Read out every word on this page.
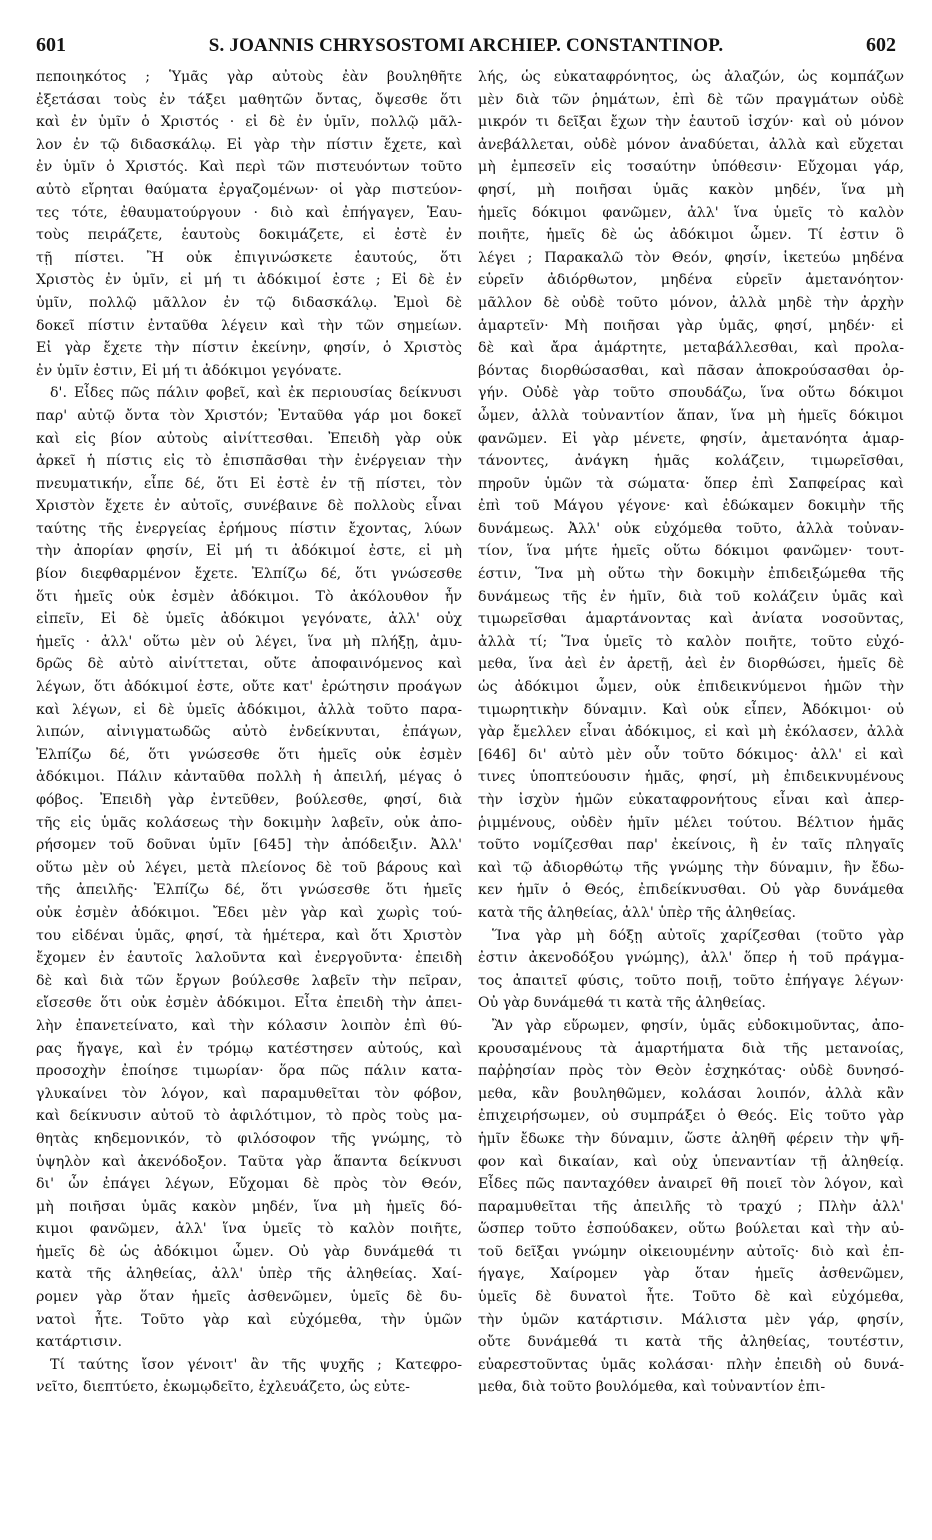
601	S. JOANNIS CHRYSOSTOMI ARCHIEP. CONSTANTINOP.	602
πεποιηκότος ; Ὑμᾶς γὰρ αὐτοὺς ἐὰν βουληθῆτε
ἐξετάσαι τοὺς ἐν τάξει μαθητῶν ὄντας, ὄψεσθε ὅτι
καὶ ἐν ὑμῖν ὁ Χριστός · εἰ δὲ ἐν ὑμῖν, πολλῷ μᾶλ-
λον ἐν τῷ διδασκάλῳ. Εἰ γὰρ τὴν πίστιν ἔχετε, καὶ
ἐν ὑμῖν ὁ Χριστός. Καὶ περὶ τῶν πιστευόντων τοῦτο
αὐτὸ εἴρηται θαύματα ἐργαζομένων· οἱ γὰρ πιστεύον-
τες τότε, ἐθαυματούργουν · διὸ καὶ ἐπήγαγεν, Ἑαυ-
τοὺς πειράζετε, ἑαυτοὺς δοκιμάζετε, εἰ ἐστὲ ἐν
τῇ πίστει. Ἢ οὐκ ἐπιγινώσκετε ἑαυτούς, ὅτι
Χριστὸς ἐν ὑμῖν, εἰ μή τι ἀδόκιμοί ἐστε ; Εἰ δὲ ἐν
ὑμῖν, πολλῷ μᾶλλον ἐν τῷ διδασκάλῳ. Ἐμοὶ δὲ
δοκεῖ πίστιν ἐνταῦθα λέγειν καὶ τὴν τῶν σημείων.
Εἰ γὰρ ἔχετε τὴν πίστιν ἐκείνην, φησίν, ὁ Χριστὸς
ἐν ὑμῖν ἐστιν, Εἰ μή τι ἀδόκιμοι γεγόνατε.
δ'. Εἶδες πῶς πάλιν φοβεῖ, καὶ ἐκ περιουσίας δείκνυσι
παρ' αὐτῷ ὄντα τὸν Χριστόν; Ἐνταῦθα γάρ μοι δοκεῖ
καὶ εἰς βίον αὐτοὺς αἰνίττεσθαι. Ἐπειδὴ γὰρ οὐκ
ἀρκεῖ ἡ πίστις εἰς τὸ ἐπισπᾶσθαι τὴν ἐνέργειαν τὴν
πνευματικήν, εἶπε δέ, ὅτι Εἰ ἐστὲ ἐν τῇ πίστει, τὸν
Χριστὸν ἔχετε ἐν αὐτοῖς, συνέβαινε δὲ πολλοὺς εἶναι
ταύτης τῆς ἐνεργείας ἐρήμους πίστιν ἔχοντας, λύων
τὴν ἀπορίαν φησίν, Εἰ μή τι ἀδόκιμοί ἐστε, εἰ μὴ
βίον διεφθαρμένον ἔχετε. Ἐλπίζω δέ, ὅτι γνώσεσθε
ὅτι ἡμεῖς οὐκ ἐσμὲν ἀδόκιμοι. Τὸ ἀκόλουθον ἦν
εἰπεῖν, Εἰ δὲ ὑμεῖς ἀδόκιμοι γεγόνατε, ἀλλ' οὐχ
ἡμεῖς · ἀλλ' οὕτω μὲν οὐ λέγει, ἵνα μὴ πλήξῃ, ἀμυ-
δρῶς δὲ αὐτὸ αἰνίττεται, οὔτε ἀποφαινόμενος καὶ
λέγων, ὅτι ἀδόκιμοί ἐστε, οὔτε κατ' ἐρώτησιν προάγων
καὶ λέγων, εἰ δὲ ὑμεῖς ἀδόκιμοι, ἀλλὰ τοῦτο παρα-
λιπών, αἰνιγματωδῶς αὐτὸ ἐνδείκνυται, ἐπάγων,
Ἐλπίζω δέ, ὅτι γνώσεσθε ὅτι ἡμεῖς οὐκ ἐσμὲν
ἀδόκιμοι. Πάλιν κἀνταῦθα πολλὴ ἡ ἀπειλή, μέγας ὁ
φόβος. Ἐπειδὴ γὰρ ἐντεῦθεν, βούλεσθε, φησί, διὰ
τῆς εἰς ὑμᾶς κολάσεως τὴν δοκιμὴν λαβεῖν, οὐκ ἀπο-
ρήσομεν τοῦ δοῦναι ὑμῖν [645] τὴν ἀπόδειξιν. Ἀλλ'
οὕτω μὲν οὐ λέγει, μετὰ πλείονος δὲ τοῦ βάρους καὶ
τῆς ἀπειλῆς· Ἐλπίζω δέ, ὅτι γνώσεσθε ὅτι ἡμεῖς
οὐκ ἐσμὲν ἀδόκιμοι. Ἔδει μὲν γὰρ καὶ χωρὶς τού-
του εἰδέναι ὑμᾶς, φησί, τὰ ἡμέτερα, καὶ ὅτι Χριστὸν
ἔχομεν ἐν ἑαυτοῖς λαλοῦντα καὶ ἐνεργοῦντα· ἐπειδὴ
δὲ καὶ διὰ τῶν ἔργων βούλεσθε λαβεῖν τὴν πεῖραν,
εἴσεσθε ὅτι οὐκ ἐσμὲν ἀδόκιμοι. Εἶτα ἐπειδὴ τὴν ἀπει-
λὴν ἐπανετείνατο, καὶ τὴν κόλασιν λοιπὸν ἐπὶ θύ-
ρας ἤγαγε, καὶ ἐν τρόμῳ κατέστησεν αὐτούς, καὶ
προσοχὴν ἐποίησε τιμωρίαν· ὅρα πῶς πάλιν κατα-
γλυκαίνει τὸν λόγον, καὶ παραμυθεῖται τὸν φόβον,
καὶ δείκνυσιν αὐτοῦ τὸ ἀφιλότιμον, τὸ πρὸς τοὺς μα-
θητὰς κηδεμονικόν, τὸ φιλόσοφον τῆς γνώμης, τὸ
ὑψηλὸν καὶ ἀκενόδοξον. Ταῦτα γὰρ ἅπαντα δείκνυσι
δι' ὧν ἐπάγει λέγων, Εὔχομαι δὲ πρὸς τὸν Θεόν,
μὴ ποιῆσαι ὑμᾶς κακὸν μηδέν, ἵνα μὴ ἡμεῖς δό-
κιμοι φανῶμεν, ἀλλ' ἵνα ὑμεῖς τὸ καλὸν ποιῆτε,
ἡμεῖς δὲ ὡς ἀδόκιμοι ὦμεν. Οὐ γὰρ δυνάμεθά τι
κατὰ τῆς ἀληθείας, ἀλλ' ὑπὲρ τῆς ἀληθείας. Χαί-
ρομεν γὰρ ὅταν ἡμεῖς ἀσθενῶμεν, ὑμεῖς δὲ δυ-
νατοὶ ἦτε. Τοῦτο γὰρ καὶ εὐχόμεθα, τὴν ὑμῶν
κατάρτισιν.
Τί ταύτης ἴσον γένοιτ' ἂν τῆς ψυχῆς ; Κατεφρο-
νεῖτο, διεπτύετο, ἐκωμῳδεῖτο, ἐχλευάζετο, ὡς εὐτε-
λής, ὡς εὐκαταφρόνητος, ὡς ἀλαζών, ὡς κομπάζων
μὲν διὰ τῶν ῥημάτων, ἐπὶ δὲ τῶν πραγμάτων οὐδὲ
μικρόν τι δεῖξαι ἔχων τὴν ἑαυτοῦ ἰσχύν· καὶ οὐ μόνον
ἀνεβάλλεται, οὐδὲ μόνον ἀναδύεται, ἀλλὰ καὶ εὔχεται
μὴ ἐμπεσεῖν εἰς τοσαύτην ὑπόθεσιν· Εὔχομαι γάρ,
φησί, μὴ ποιῆσαι ὑμᾶς κακὸν μηδέν, ἵνα μὴ
ἡμεῖς δόκιμοι φανῶμεν, ἀλλ' ἵνα ὑμεῖς τὸ καλὸν
ποιῆτε, ἡμεῖς δὲ ὡς ἀδόκιμοι ὦμεν. Τί ἐστιν ὃ
λέγει ; Παρακαλῶ τὸν Θεόν, φησίν, ἱκετεύω μηδένα
εὑρεῖν ἀδιόρθωτον, μηδένα εὑρεῖν ἀμετανόητον·
μᾶλλον δὲ οὐδὲ τοῦτο μόνον, ἀλλὰ μηδὲ τὴν ἀρχὴν
ἁμαρτεῖν· Μὴ ποιῆσαι γὰρ ὑμᾶς, φησί, μηδέν· εἰ
δὲ καὶ ἄρα ἁμάρτητε, μεταβάλλεσθαι, καὶ προλα-
βόντας διορθώσασθαι, καὶ πᾶσαν ἀποκρούσασθαι ὀρ-
γήν. Οὐδὲ γὰρ τοῦτο σπουδάζω, ἵνα οὕτω δόκιμοι
ὦμεν, ἀλλὰ τοὐναντίον ἅπαν, ἵνα μὴ ἡμεῖς δόκιμοι
φανῶμεν. Εἰ γὰρ μένετε, φησίν, ἀμετανόητα ἁμαρ-
τάνοντες, ἀνάγκη ἡμᾶς κολάζειν, τιμωρεῖσθαι,
πηροῦν ὑμῶν τὰ σώματα· ὅπερ ἐπὶ Σαπφείρας καὶ
ἐπὶ τοῦ Μάγου γέγονε· καὶ ἐδώκαμεν δοκιμὴν τῆς
δυνάμεως. Ἀλλ' οὐκ εὐχόμεθα τοῦτο, ἀλλὰ τοὐναν-
τίον, ἵνα μήτε ἡμεῖς οὕτω δόκιμοι φανῶμεν· τουτ-
έστιν, Ἵνα μὴ οὕτω τὴν δοκιμὴν ἐπιδειξώμεθα τῆς
δυνάμεως τῆς ἐν ἡμῖν, διὰ τοῦ κολάζειν ὑμᾶς καὶ
τιμωρεῖσθαι ἁμαρτάνοντας καὶ ἀνίατα νοσοῦντας,
ἀλλὰ τί; Ἵνα ὑμεῖς τὸ καλὸν ποιῆτε, τοῦτο εὐχό-
μεθα, ἵνα ἀεὶ ἐν ἀρετῇ, ἀεὶ ἐν διορθώσει, ἡμεῖς δὲ
ὡς ἀδόκιμοι ὦμεν, οὐκ ἐπιδεικνύμενοι ἡμῶν τὴν
τιμωρητικὴν δύναμιν. Καὶ οὐκ εἶπεν, Ἀδόκιμοι· οὐ
γὰρ ἔμελλεν εἶναι ἀδόκιμος, εἰ καὶ μὴ ἐκόλασεν, ἀλλὰ
[646] δι' αὐτὸ μὲν οὖν τοῦτο δόκιμος· ἀλλ' εἰ καὶ
τινες ὑποπτεύουσιν ἡμᾶς, φησί, μὴ ἐπιδεικνυμένους
τὴν ἰσχὺν ἡμῶν εὐκαταφρονήτους εἶναι καὶ ἀπερ-
ῥιμμένους, οὐδὲν ἡμῖν μέλει τούτου. Βέλτιον ἡμᾶς
τοῦτο νομίζεσθαι παρ' ἐκείνοις, ἢ ἐν ταῖς πληγαῖς
καὶ τῷ ἀδιορθώτῳ τῆς γνώμης τὴν δύναμιν, ἣν ἔδω-
κεν ἡμῖν ὁ Θεός, ἐπιδείκνυσθαι. Οὐ γὰρ δυνάμεθα
κατὰ τῆς ἀληθείας, ἀλλ' ὑπὲρ τῆς ἀληθείας.
Ἵνα γὰρ μὴ δόξῃ αὐτοῖς χαρίζεσθαι (τοῦτο γὰρ
ἐστιν ἀκενοδόξου γνώμης), ἀλλ' ὅπερ ἡ τοῦ πράγμα-
τος ἀπαιτεῖ φύσις, τοῦτο ποιῇ, τοῦτο ἐπήγαγε λέγων·
Οὐ γὰρ δυνάμεθά τι κατὰ τῆς ἀληθείας.
Ἂν γὰρ εὕρωμεν, φησίν, ὑμᾶς εὐδοκιμοῦντας, ἀπο-
κρουσαμένους τὰ ἁμαρτήματα διὰ τῆς μετανοίας,
παῤῥησίαν πρὸς τὸν Θεὸν ἐσχηκότας· οὐδὲ δυνησό-
μεθα, κἂν βουληθῶμεν, κολάσαι λοιπόν, ἀλλὰ κἂν
ἐπιχειρήσωμεν, οὐ συμπράξει ὁ Θεός. Εἰς τοῦτο γὰρ
ἡμῖν ἔδωκε τὴν δύναμιν, ὥστε ἀληθῆ φέρειν τὴν ψῆ-
φον καὶ δικαίαν, καὶ οὐχ ὑπεναντίαν τῇ ἀληθείᾳ.
Εἶδες πῶς πανταχόθεν ἀναιρεῖ θῆ ποιεῖ τὸν λόγον, καὶ
παραμυθεῖται τῆς ἀπειλῆς τὸ τραχύ ; Πλὴν ἀλλ'
ὥσπερ τοῦτο ἐσπούδακεν, οὕτω βούλεται καὶ τὴν αὐ-
τοῦ δεῖξαι γνώμην οἰκειουμένην αὐτοῖς· διὸ καὶ ἐπ-
ήγαγε, Χαίρομεν γὰρ ὅταν ἡμεῖς ἀσθενῶμεν,
ὑμεῖς δὲ δυνατοὶ ἦτε. Τοῦτο δὲ καὶ εὐχόμεθα,
τὴν ὑμῶν κατάρτισιν. Μάλιστα μὲν γάρ, φησίν,
οὔτε δυνάμεθά τι κατὰ τῆς ἀληθείας, τουτέστιν,
εὐαρεστοῦντας ὑμᾶς κολάσαι· πλὴν ἐπειδὴ οὐ δυνά-
μεθα, διὰ τοῦτο βουλόμεθα, καὶ τοὐναντίον ἐπι-
